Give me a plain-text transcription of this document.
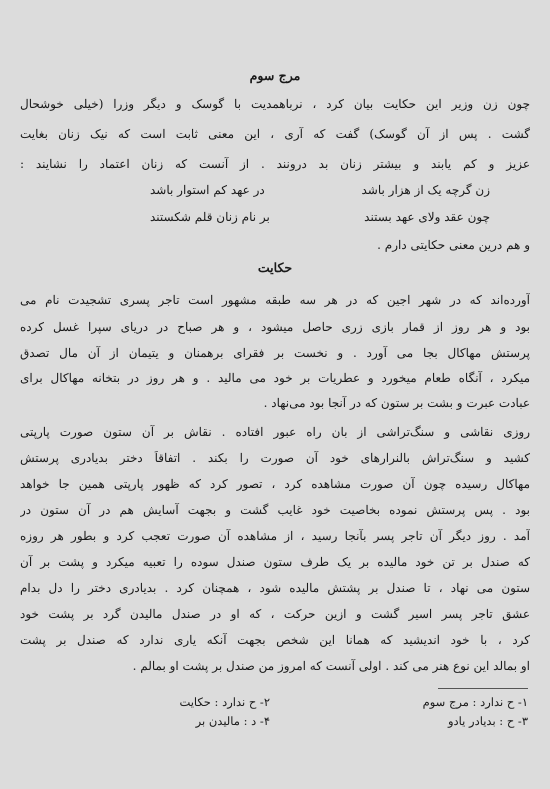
مرج سوم
چون زن وزیر این حکایت بیان کرد ، نرباهمدیت با گوسک و دیگر وزرا (خیلی خوشحال
گشت . پس از آن گوسک) گفت که آری ، این معنی ثابت است که نیک زنان بغایت
عزیز و کم یابند و بیشتر زنان بد درونند . از آنست که زنان اعتماد را نشایند :
زن گرچه یک از هزار باشد
در عهد کم استوار باشد
چون عقد ولای عهد بستند
بر نام زنان قلم شکستند
و هم درین معنی حکایتی دارم .
حکایت
آورده‌اند که در شهر اجین که در هر سه طبقه مشهور است تاجر پسری تشجیدت نام می
بود و هر روز از قمار بازی زری حاصل میشود ، و هر صباح در دریای سپرا غسل کرده
پرستش مهاکال بجا می آورد . و نخست بر فقرای برهمنان و یتیمان از آن مال تصدق
میکرد ، آنگاه طعام میخورد و عطریات بر خود می مالید . و هر روز در بتخانه مهاکال برای
عبادت عبرت و بشت بر ستون که در آنجا بود می‌نهاد .
روزی نقاشی و سنگ‌تراشی از بان راه عبور افتاده . نقاش بر آن ستون صورت پارپتی
کشید و سنگ‌تراش بالنرارهای خود آن صورت را بکند . اتفاقاً دختر بدیادری پرستش
مهاکال رسیده چون آن صورت مشاهده کرد ، تصور کرد که ظهور پارپتی همین جا خواهد
بود . پس پرستش نموده بخاصیت خود غایب گشت و بجهت آسایش هم در آن ستون در
آمد . روز دیگر آن تاجر پسر بآنجا رسید ، از مشاهده آن صورت تعجب کرد و بطور هر روزه
که صندل بر تن خود مالیده بر یک طرف ستون صندل سوده را تعبیه میکرد و پشت بر آن
ستون می نهاد ، تا صندل بر پشتش مالیده شود ، همچنان کرد . بدیادری دختر را دل بدام
عشق تاجر پسر اسیر گشت و ازین حرکت ، که او در صندل مالیدن گرد بر پشت خود
کرد ، با خود اندیشید که همانا این شخص بجهت آنکه یاری ندارد که صندل بر پشت
او بمالد این نوع هنر می کند . اولی آنست که امروز من صندل بر پشت او بمالم .
۱- ح ندارد : مرج سوم
۲- ح ندارد : حکایت
۳- ح : بدیادر یادو
۴- د : مالیدن بر
